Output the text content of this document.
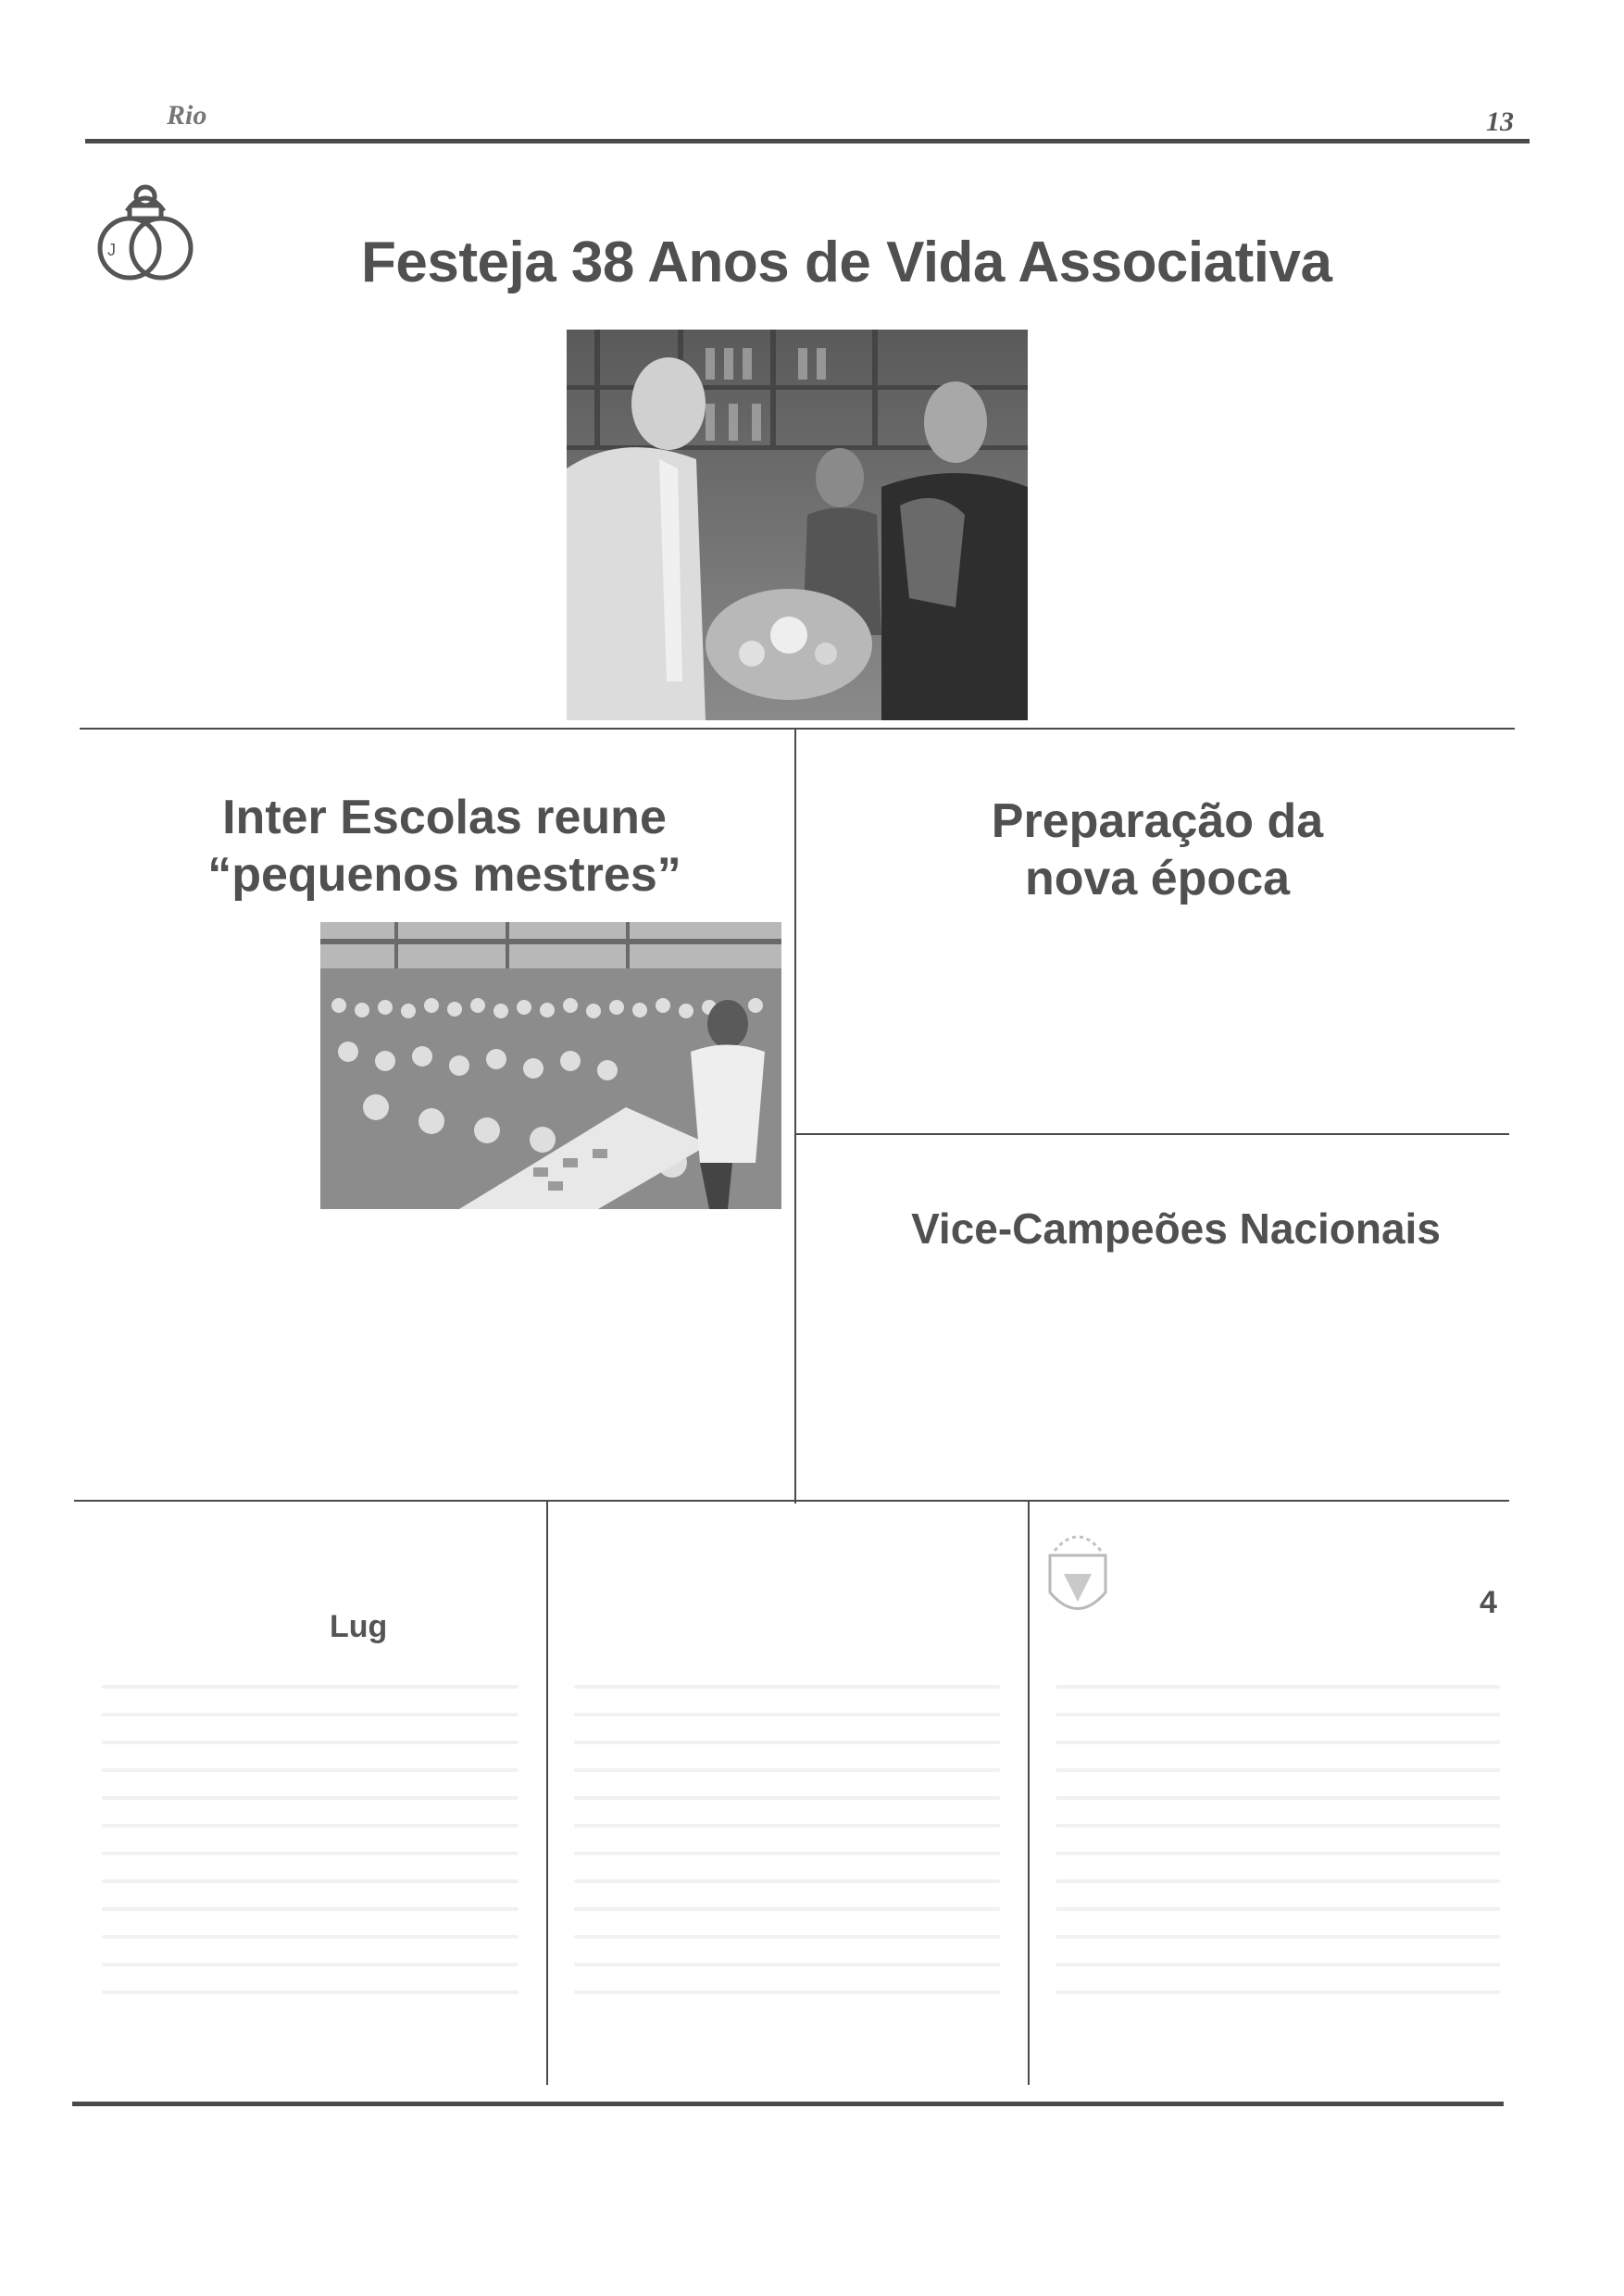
Rio	13
J	Festeja 38 Anos de Vida Associativa
Inter Escolas reune
“pequenos mestres”
Preparação da
nova época
Vice-Campeões Nacionais
Lug
4
